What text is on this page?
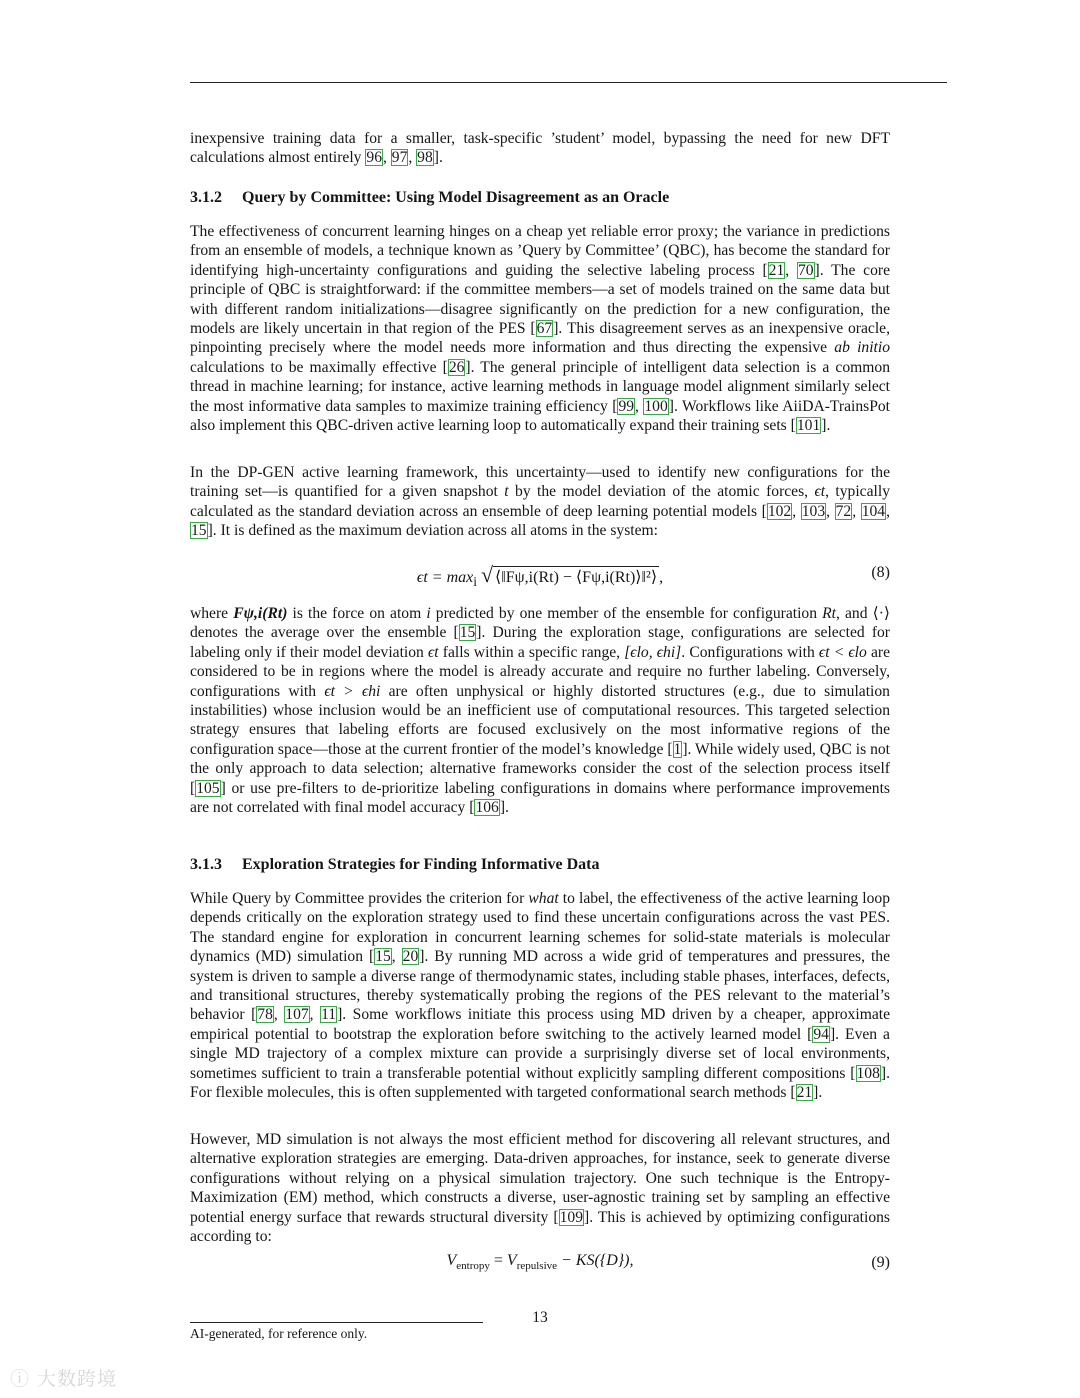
inexpensive training data for a smaller, task-specific ’student’ model, bypassing the need for new DFT calculations almost entirely 96, 97, 98].

3.1.2 Query by Committee: Using Model Disagreement as an Oracle

The effectiveness of concurrent learning hinges on a cheap yet reliable error proxy; the variance in predictions from an ensemble of models, a technique known as ’Query by Committee’ (QBC), has become the standard for identifying high-uncertainty configurations and guiding the selective labeling process [21, 70]. The core principle of QBC is straightforward: if the committee members—a set of models trained on the same data but with different random initializations—disagree significantly on the prediction for a new configuration, the models are likely uncertain in that region of the PES [67]. This disagreement serves as an inexpensive oracle, pinpointing precisely where the model needs more information and thus directing the expensive ab initio calculations to be maximally effective [26]. The general principle of intelligent data selection is a common thread in machine learning; for instance, active learning methods in language model alignment similarly select the most informative data samples to maximize training efficiency [99, 100]. Workflows like AiiDA-TrainsPot also implement this QBC-driven active learning loop to automatically expand their training sets [101].

In the DP-GEN active learning framework, this uncertainty—used to identify new configurations for the training set—is quantified for a given snapshot t by the model deviation of the atomic forces, ϵt, typically calculated as the standard deviation across an ensemble of deep learning potential models [102, 103, 72, 104, 15]. It is defined as the maximum deviation across all atoms in the system:

$\epsilon t = \max_i$ √ ⟨‖Fψ,i(Rt) − ⟨Fψ,i(Rt)⟩‖²⟩ ,	(8)

where Fψ,i(Rt) is the force on atom i predicted by one member of the ensemble for configuration Rt, and ⟨·⟩ denotes the average over the ensemble [15]. During the exploration stage, configurations are selected for labeling only if their model deviation ϵt falls within a specific range, [ϵlo, ϵhi]. Configurations with ϵt < ϵlo are considered to be in regions where the model is already accurate and require no further labeling. Conversely, configurations with ϵt > ϵhi are often unphysical or highly distorted structures (e.g., due to simulation instabilities) whose inclusion would be an inefficient use of computational resources. This targeted selection strategy ensures that labeling efforts are focused exclusively on the most informative regions of the configuration space—those at the current frontier of the model’s knowledge [1]. While widely used, QBC is not the only approach to data selection; alternative frameworks consider the cost of the selection process itself [105] or use pre-filters to de-prioritize labeling configurations in domains where performance improvements are not correlated with final model accuracy [106].

3.1.3 Exploration Strategies for Finding Informative Data

While Query by Committee provides the criterion for what to label, the effectiveness of the active learning loop depends critically on the exploration strategy used to find these uncertain configurations across the vast PES. The standard engine for exploration in concurrent learning schemes for solid-state materials is molecular dynamics (MD) simulation [15, 20]. By running MD across a wide grid of temperatures and pressures, the system is driven to sample a diverse range of thermodynamic states, including stable phases, interfaces, defects, and transitional structures, thereby systematically probing the regions of the PES relevant to the material’s behavior [78, 107, 11]. Some workflows initiate this process using MD driven by a cheaper, approximate empirical potential to bootstrap the exploration before switching to the actively learned model [94]. Even a single MD trajectory of a complex mixture can provide a surprisingly diverse set of local environments, sometimes sufficient to train a transferable potential without explicitly sampling different compositions [108]. For flexible molecules, this is often supplemented with targeted conformational search methods [21].

However, MD simulation is not always the most efficient method for discovering all relevant structures, and alternative exploration strategies are emerging. Data-driven approaches, for instance, seek to generate diverse configurations without relying on a physical simulation trajectory. One such technique is the Entropy-Maximization (EM) method, which constructs a diverse, user-agnostic training set by sampling an effective potential energy surface that rewards structural diversity [109]. This is achieved by optimizing configurations according to:

$V_{entropy} = V_{repulsive} - KS(\{D\})$,	(9)
13
AI-generated, for reference only.
ⓘ 大数跨境
